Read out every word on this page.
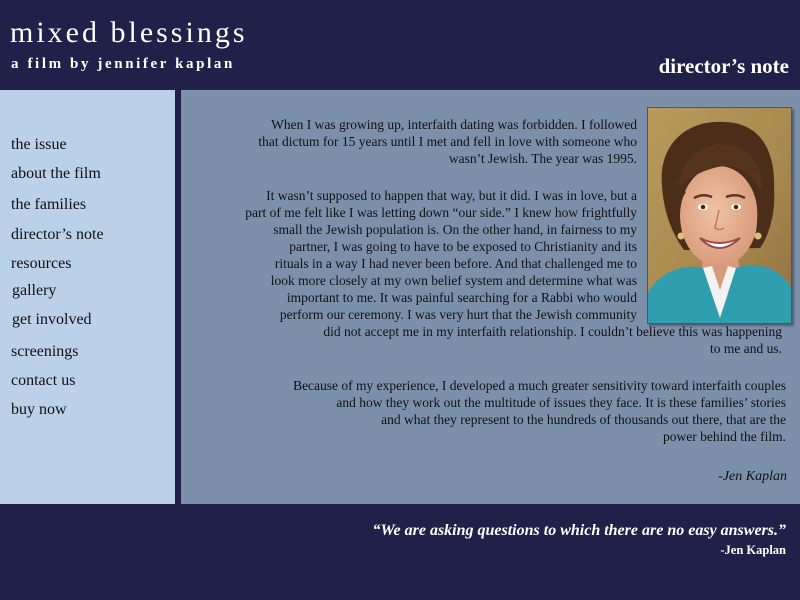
mixed blessings
a film by jennifer kaplan	director’s note
the issue
about the film
the families
director’s note
resources
gallery
get involved
screenings
contact us
buy now
When I was growing up, interfaith dating was forbidden. I followed
that dictum for 15 years until I met and fell in love with someone who
wasn’t Jewish. The year was 1995.
It wasn’t supposed to happen that way, but it did. I was in love, but a
part of me felt like I was letting down “our side.” I knew how frightfully
small the Jewish population is. On the other hand, in fairness to my
partner, I was going to have to be exposed to Christianity and its
rituals in a way I had never been before. And that challenged me to
look more closely at my own belief system and determine what was
important to me. It was painful searching for a Rabbi who would
perform our ceremony. I was very hurt that the Jewish community
did not accept me in my interfaith relationship. I couldn’t believe this was happening
to me and us.
Because of my experience, I developed a much greater sensitivity toward interfaith couples
and how they work out the multitude of issues they face. It is these families’ stories
and what they represent to the hundreds of thousands out there, that are the
power behind the film.
-Jen Kaplan
“We are asking questions to which there are no easy answers.”
-Jen Kaplan
